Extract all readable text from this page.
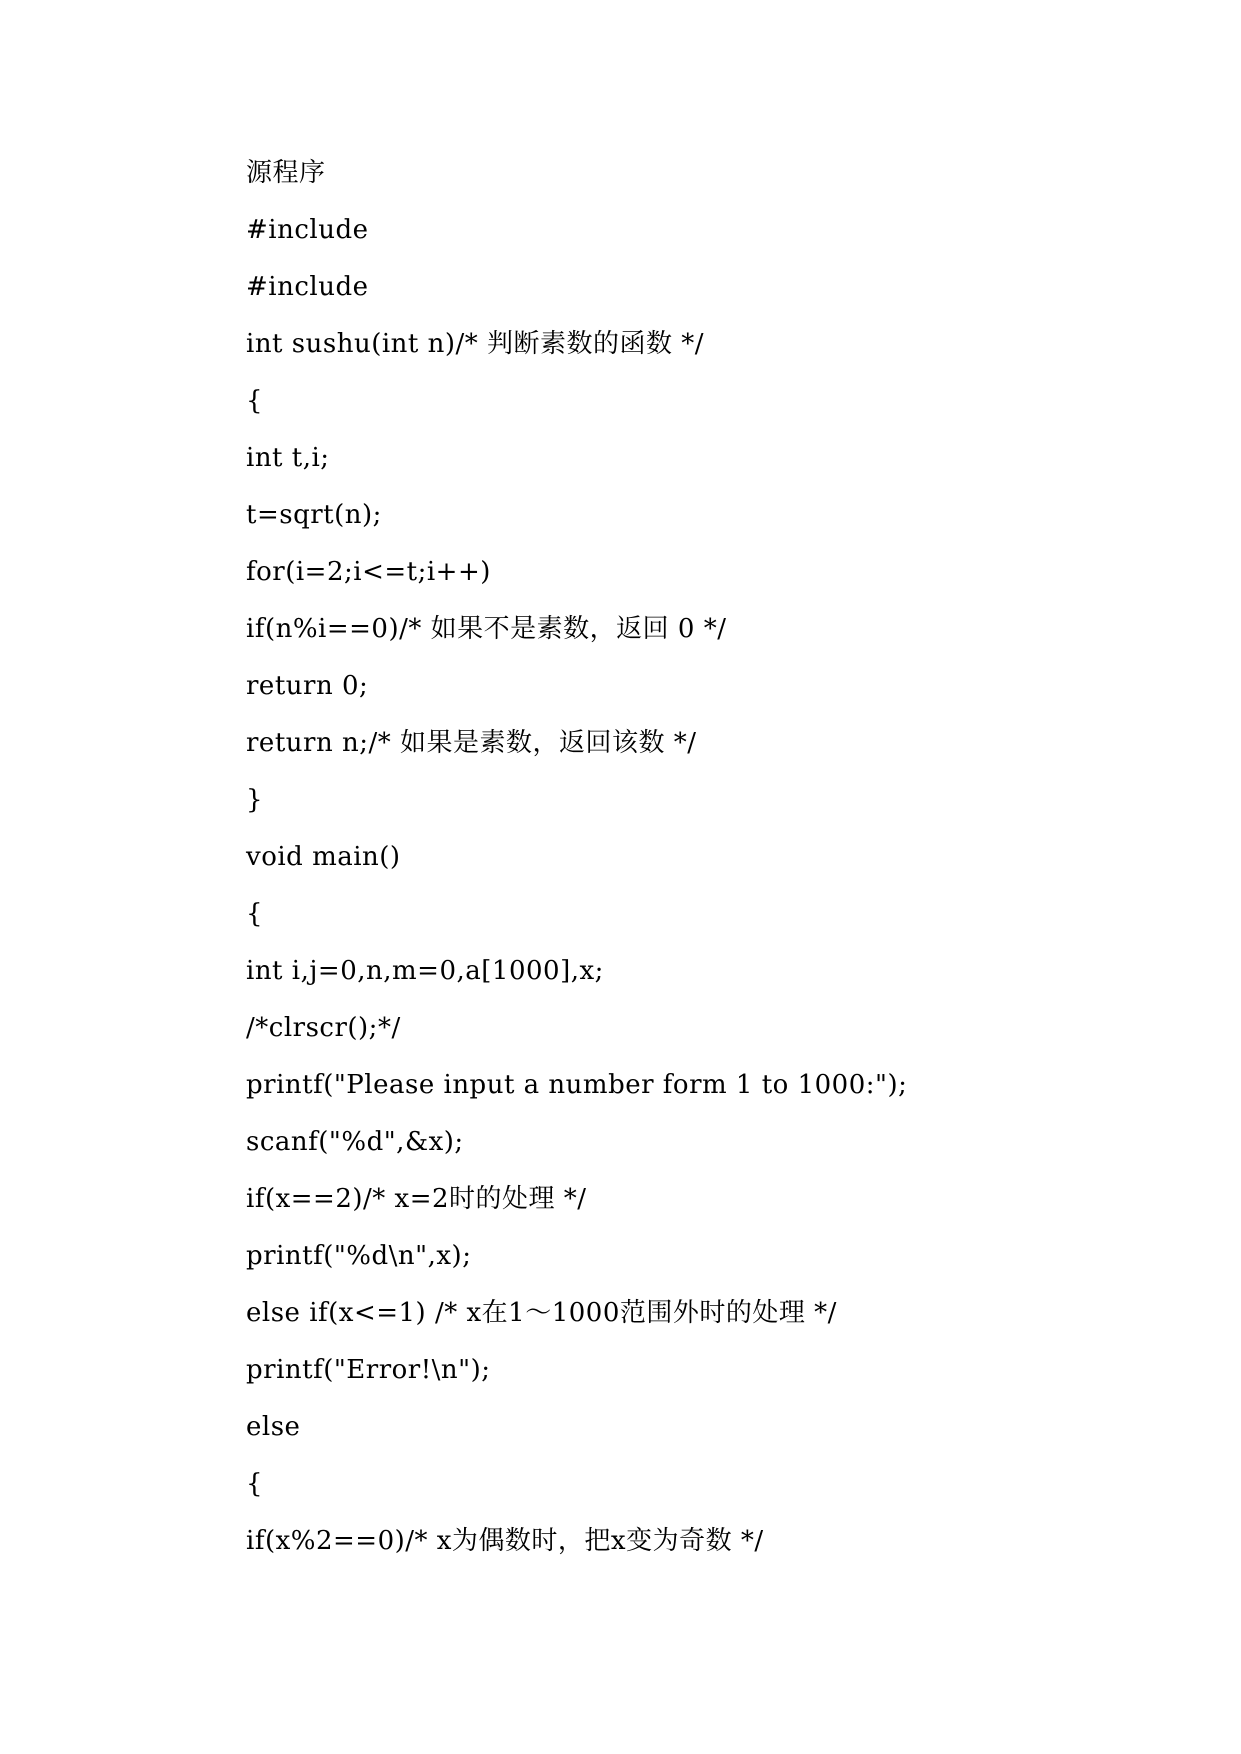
源程序
#include
#include
int sushu(int n)/* 判断素数的函数 */
{
int t,i;
t=sqrt(n);
for(i=2;i<=t;i++)
if(n%i==0)/* 如果不是素数，返回 0 */
return 0;
return n;/* 如果是素数，返回该数 */
}
void main()
{
int i,j=0,n,m=0,a[1000],x;
/*clrscr();*/
printf("Please input a number form 1 to 1000:");
scanf("%d",&x);
if(x==2)/* x=2时的处理 */
printf("%d\n",x);
else if(x<=1) /* x在1～1000范围外时的处理 */
printf("Error!\n");
else
{
if(x%2==0)/* x为偶数时，把x变为奇数 */
